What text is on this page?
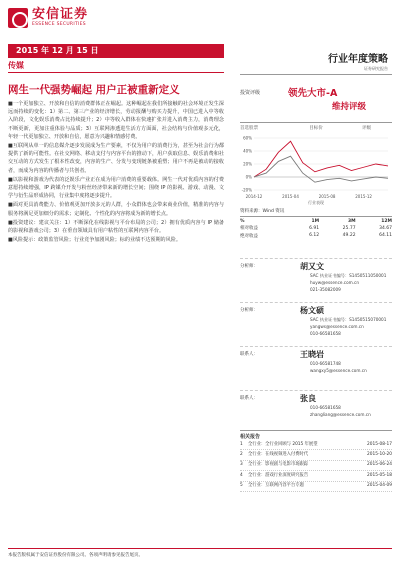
安信证券
ESSENCE SECURITIES
2015 年 12 月 15 日
传媒
行业年度策略
证券研究报告
网生一代强势崛起 用户正被重新定义

■一个更加独立、开放和自信的消费群体正在崛起。这种崛起在我们所接触的社会环境正发生深远而持续的变化：1）第二、第三产业的经济增长，劳动报酬与购买力提升，中国已进入中等收入阶段，文化娱乐消费占比持续提升；2）中等收入群体在快速扩张并进入消费主力，消费理念不断更新，更加注重体验与品质；3）互联网渗透进生活方方面面，社会结构与价值观多元化，年轻一代更加独立、开放和自信，愿意为兴趣和情感付费。

■互联网从单一的信息媒介逐步发展成为生产要素，不仅为用户的消费行为，甚至为社会行为都提供了新的可能性。在社交网络、移动支付与内容平台的推动下，用户获取信息、娱乐消费和社交互动的方式发生了根本性改变，内容的生产、分发与变现链条被重塑；用户不再是被动的接收者，而成为内容的传播者与共创者。

■以影视和游戏为代表的泛娱乐产业正在成为用户消费的重要载体。网生一代对优质内容的付费意愿持续增强，IP 跨媒介开发与粉丝经济带来新的增长空间；围绕 IP 的影视、游戏、动漫、文学与衍生品形成协同，行业集中度将逐步提升。

■面对更具消费能力、价值观更加开放多元的人群，小众群体也会带来商业价值，精准的内容与服务将满足更加细分的需求；定制化、个性化的内容将成为新的增长点。

■投资建议：建议关注：1）不断深化在线影视与平台布局的公司；2）拥有优质内容与 IP 储备的影视和游戏公司；3）在垂直领域具有用户粘性的互联网内容平台。

■风险提示：政策监管风险；行业竞争加剧风险；标的业绩不达预期的风险。

投资评级	领先大市-A
维持评级
首选股票	目标价	评级
-20%
0%
20%
40%
60%
2014-12	2015-04	2015-08	2015-12
行业表现
资料来源：Wind 资讯
%	1M	3M	12M
相对收益	6.91	25.77	34.67
绝对收益	6.12	49.22	64.11
分析师：	胡又文
SAC 执业证书编号：S1450511050001
huyw@essence.com.cn
021-35082009
分析师：	杨文硕
SAC 执业证书编号：S1450515070001
yangws@essence.com.cn
010-66581658
联系人：	王晓岩
010-66581748
wangxy5@essence.com.cn
联系人：	张良
010-66581658
zhangliang@essence.com.cn
相关报告
1	全行业：全行业回顾与 2015 年展望	2015-08-17
2	全行业：在线视频进入付费时代	2015-10-20
3	全行业：影视剧与电影市场跟踪	2015-06-24
4	全行业：游戏行业深度研究报告	2015-05-18
5	全行业：互联网内容平台专题	2015-04-09
本报告版权属于安信证券股份有限公司。各项声明请参见报告尾页。
